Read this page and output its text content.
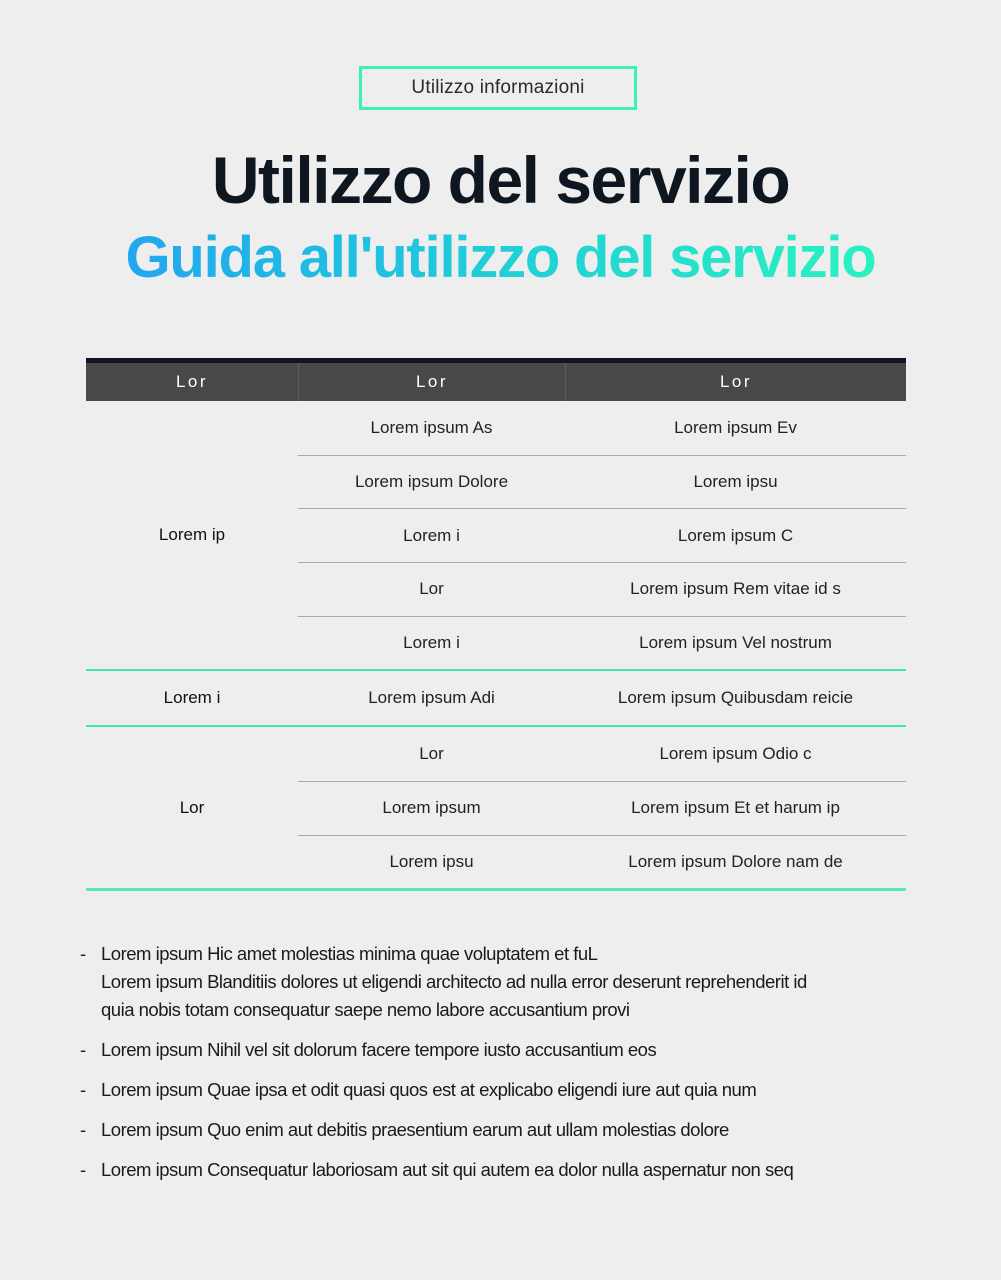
Utilizzo informazioni
Utilizzo del servizio
Guida all'utilizzo del servizio
Lor	Lor	Lor
Lorem ip
Lorem ipsum As	Lorem ipsum Ev
Lorem ipsum Dolore	Lorem ipsu
Lorem i	Lorem ipsum C
Lor	Lorem ipsum Rem vitae id s
Lorem i	Lorem ipsum Vel nostrum
Lorem i	Lorem ipsum Adi	Lorem ipsum Quibusdam reicie
Lor
Lor	Lorem ipsum Odio c
Lorem ipsum	Lorem ipsum Et et harum ip
Lorem ipsu	Lorem ipsum Dolore nam de
- Lorem ipsum Hic amet molestias minima quae voluptatem et fuL
Lorem ipsum Blanditiis dolores ut eligendi architecto ad nulla error deserunt reprehenderit id
quia nobis totam consequatur saepe nemo labore accusantium provi
- Lorem ipsum Nihil vel sit dolorum facere tempore iusto accusantium eos
- Lorem ipsum Quae ipsa et odit quasi quos est at explicabo eligendi iure aut quia num
- Lorem ipsum Quo enim aut debitis praesentium earum aut ullam molestias dolore
- Lorem ipsum Consequatur laboriosam aut sit qui autem ea dolor nulla aspernatur non seq
